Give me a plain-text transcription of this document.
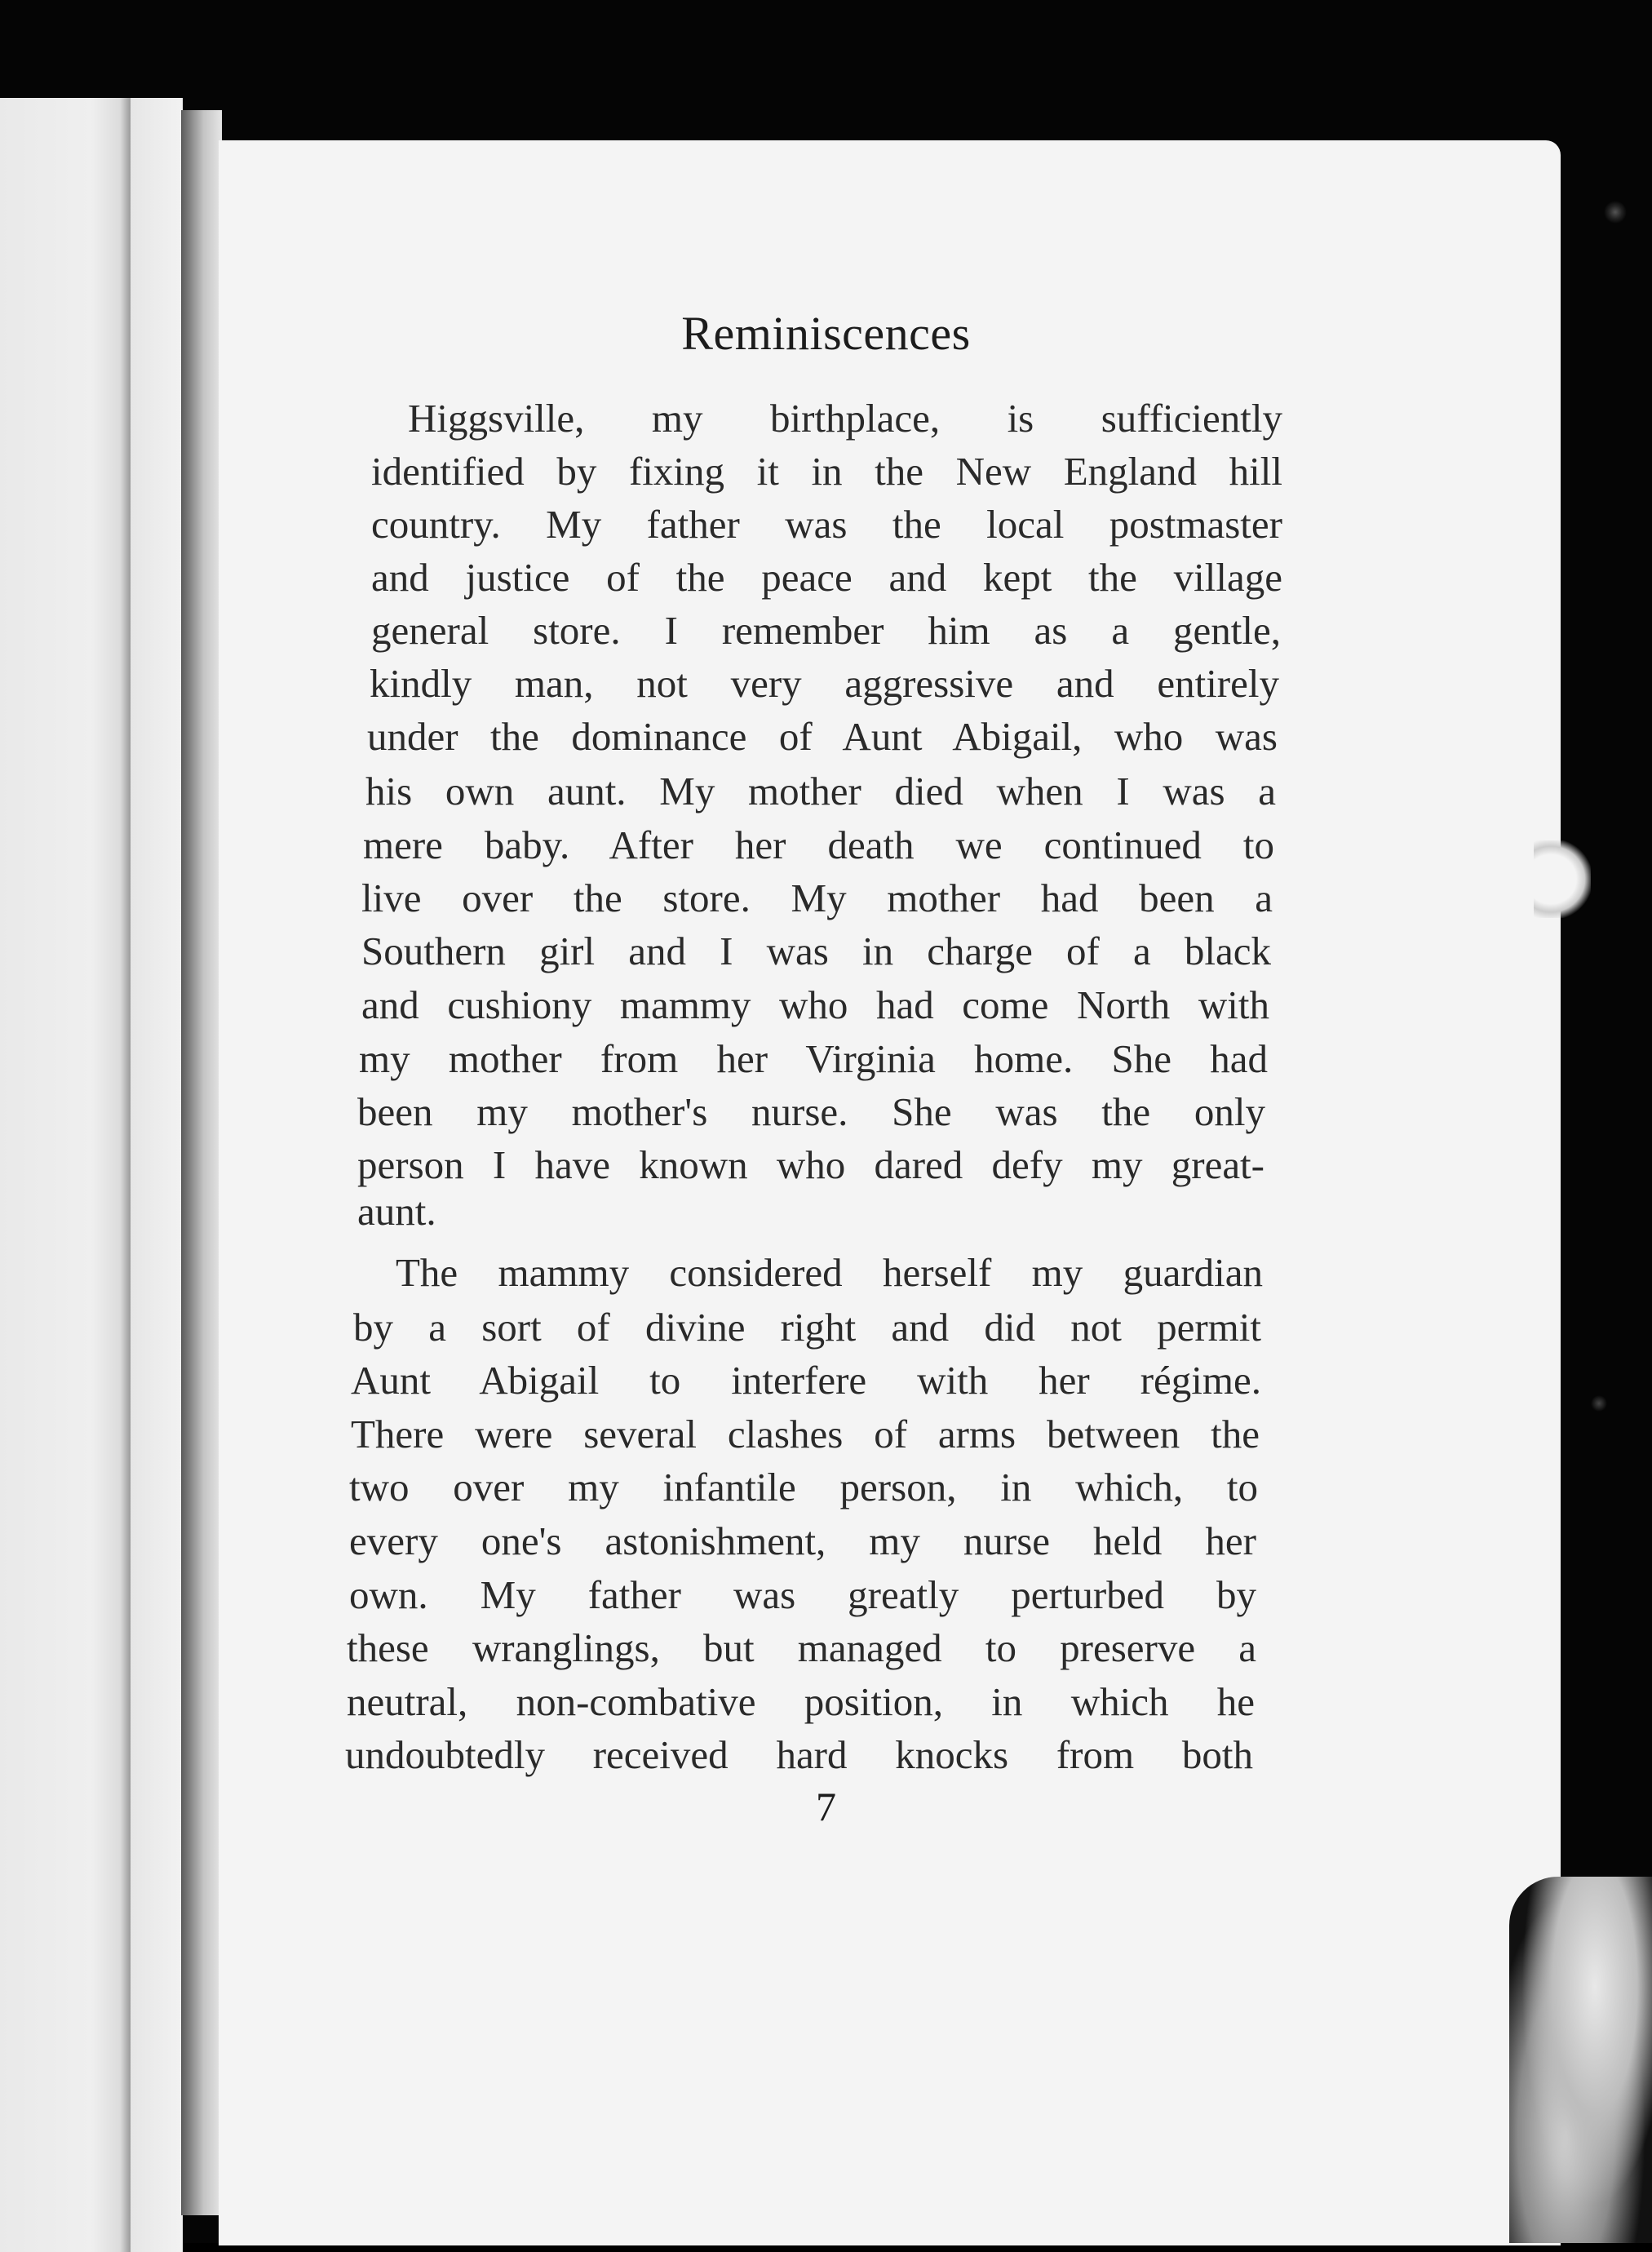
Reminiscences
Higgsville, my birthplace, is sufficiently
identified by fixing it in the New England hill
country. My father was the local postmaster
and justice of the peace and kept the village
general store. I remember him as a gentle,
kindly man, not very aggressive and entirely
under the dominance of Aunt Abigail, who was
his own aunt. My mother died when I was a
mere baby. After her death we continued to
live over the store. My mother had been a
Southern girl and I was in charge of a black
and cushiony mammy who had come North with
my mother from her Virginia home. She had
been my mother's nurse. She was the only
person I have known who dared defy my great-
aunt.
The mammy considered herself my guardian
by a sort of divine right and did not permit
Aunt Abigail to interfere with her régime.
There were several clashes of arms between the
two over my infantile person, in which, to
every one's astonishment, my nurse held her
own. My father was greatly perturbed by
these wranglings, but managed to preserve a
neutral, non-combative position, in which he
undoubtedly received hard knocks from both
7
